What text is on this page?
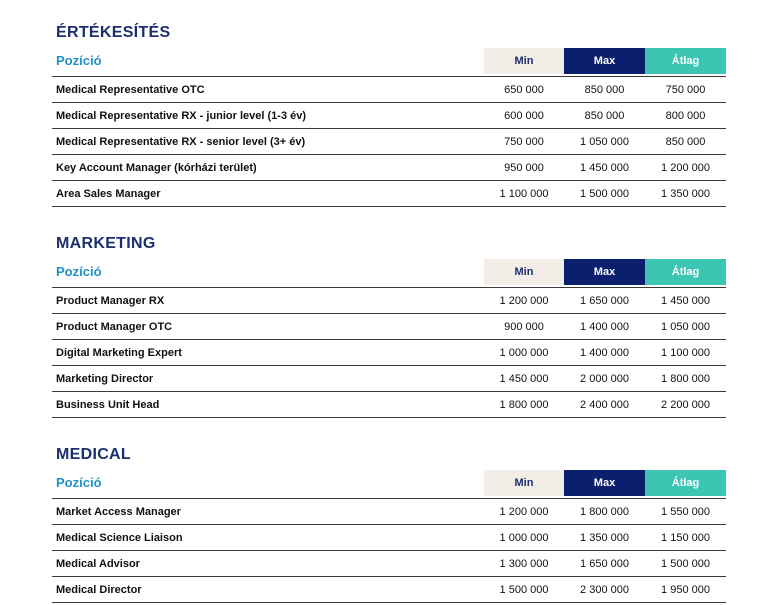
ÉRTÉKESÍTÉS
Pozíció	Min	Max	Átlag
Medical Representative OTC	650 000	850 000	750 000
Medical Representative RX - junior level (1-3 év)	600 000	850 000	800 000
Medical Representative RX - senior level (3+ év)	750 000	1 050 000	850 000
Key Account Manager (kórházi terület)	950 000	1 450 000	1 200 000
Area Sales Manager	1 100 000	1 500 000	1 350 000
MARKETING
Pozíció	Min	Max	Átlag
Product Manager RX	1 200 000	1 650 000	1 450 000
Product Manager OTC	900 000	1 400 000	1 050 000
Digital Marketing Expert	1 000 000	1 400 000	1 100 000
Marketing Director	1 450 000	2 000 000	1 800 000
Business Unit Head	1 800 000	2 400 000	2 200 000
MEDICAL
Pozíció	Min	Max	Átlag
Market Access Manager	1 200 000	1 800 000	1 550 000
Medical Science Liaison	1 000 000	1 350 000	1 150 000
Medical Advisor	1 300 000	1 650 000	1 500 000
Medical Director	1 500 000	2 300 000	1 950 000
